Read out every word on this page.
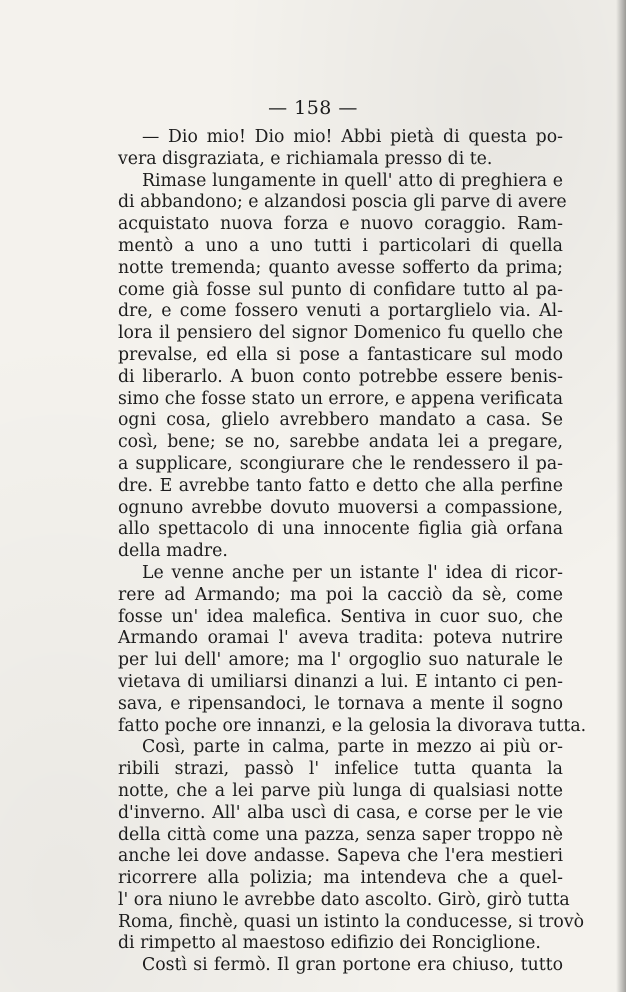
— 158 —
— Dio mio! Dio mio! Abbi pietà di questa po-
vera disgraziata, e richiamala presso di te.
Rimase lungamente in quell' atto di preghiera e
di abbandono; e alzandosi poscia gli parve di avere
acquistato nuova forza e nuovo coraggio. Ram-
mentò a uno a uno tutti i particolari di quella
notte tremenda; quanto avesse sofferto da prima;
come già fosse sul punto di confidare tutto al pa-
dre, e come fossero venuti a portarglielo via. Al-
lora il pensiero del signor Domenico fu quello che
prevalse, ed ella si pose a fantasticare sul modo
di liberarlo. A buon conto potrebbe essere benis-
simo che fosse stato un errore, e appena verificata
ogni cosa, glielo avrebbero mandato a casa. Se
così, bene; se no, sarebbe andata lei a pregare,
a supplicare, scongiurare che le rendessero il pa-
dre. E avrebbe tanto fatto e detto che alla perfine
ognuno avrebbe dovuto muoversi a compassione,
allo spettacolo di una innocente figlia già orfana
della madre.
Le venne anche per un istante l' idea di ricor-
rere ad Armando; ma poi la cacciò da sè, come
fosse un' idea malefica. Sentiva in cuor suo, che
Armando oramai l' aveva tradita: poteva nutrire
per lui dell' amore; ma l' orgoglio suo naturale le
vietava di umiliarsi dinanzi a lui. E intanto ci pen-
sava, e ripensandoci, le tornava a mente il sogno
fatto poche ore innanzi, e la gelosia la divorava tutta.
Così, parte in calma, parte in mezzo ai più or-
ribili strazi, passò l' infelice tutta quanta la
notte, che a lei parve più lunga di qualsiasi notte
d'inverno. All' alba uscì di casa, e corse per le vie
della città come una pazza, senza saper troppo nè
anche lei dove andasse. Sapeva che l'era mestieri
ricorrere alla polizia; ma intendeva che a quel-
l' ora niuno le avrebbe dato ascolto. Girò, girò tutta
Roma, finchè, quasi un istinto la conducesse, si trovò
di rimpetto al maestoso edifizio dei Ronciglione.
Costì si fermò. Il gran portone era chiuso, tutto
